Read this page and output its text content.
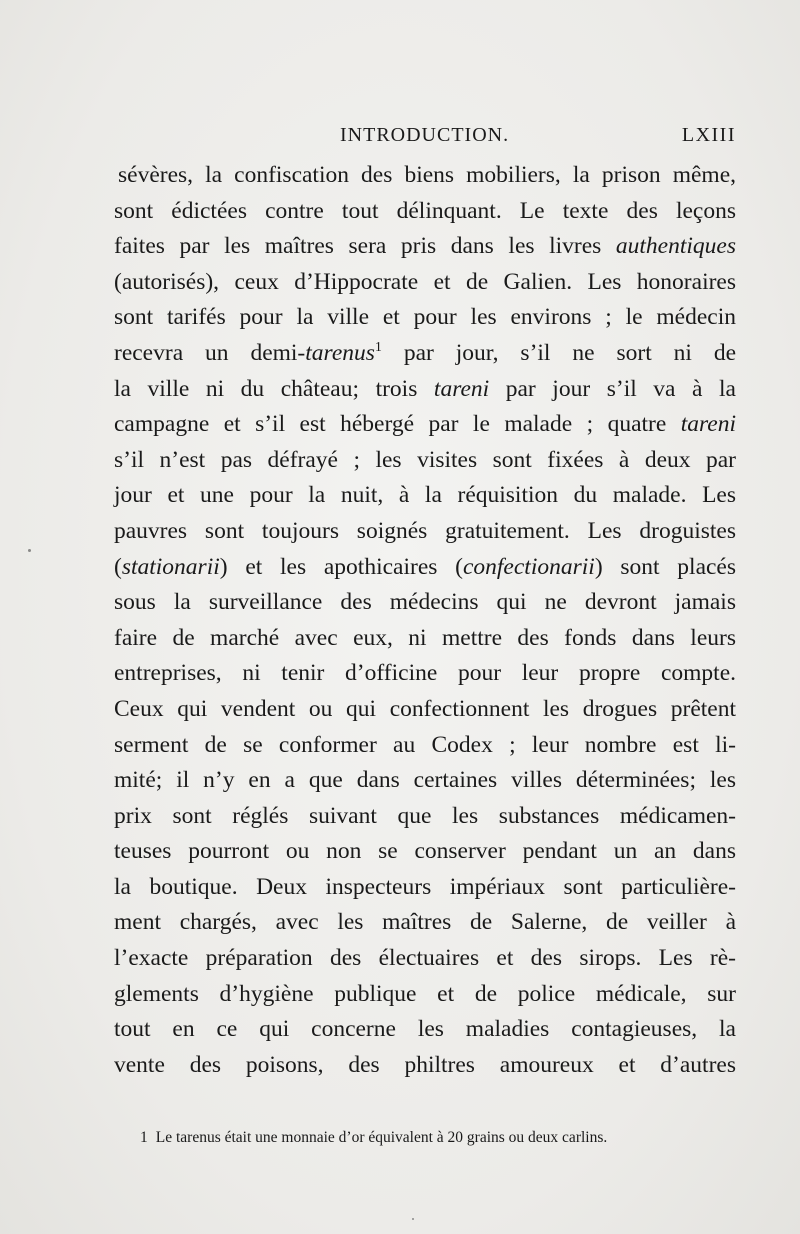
INTRODUCTION.	LXIII
sévères, la confiscation des biens mobiliers, la prison même,
sont édictées contre tout délinquant. Le texte des leçons
faites par les maîtres sera pris dans les livres authentiques
(autorisés), ceux d’Hippocrate et de Galien. Les honoraires
sont tarifés pour la ville et pour les environs ; le médecin
recevra un demi-tarenus$^1$ par jour, s’il ne sort ni de
la ville ni du château; trois tareni par jour s’il va à la
campagne et s’il est hébergé par le malade ; quatre tareni
s’il n’est pas défrayé ; les visites sont fixées à deux par
jour et une pour la nuit, à la réquisition du malade. Les
pauvres sont toujours soignés gratuitement. Les droguistes
(stationarii) et les apothicaires (confectionarii) sont placés
sous la surveillance des médecins qui ne devront jamais
faire de marché avec eux, ni mettre des fonds dans leurs
entreprises, ni tenir d’officine pour leur propre compte.
Ceux qui vendent ou qui confectionnent les drogues prêtent
serment de se conformer au Codex ; leur nombre est li-
mité; il n’y en a que dans certaines villes déterminées; les
prix sont réglés suivant que les substances médicamen-
teuses pourront ou non se conserver pendant un an dans
la boutique. Deux inspecteurs impériaux sont particulière-
ment chargés, avec les maîtres de Salerne, de veiller à
l’exacte préparation des électuaires et des sirops. Les rè-
glements d’hygiène publique et de police médicale, sur
tout en ce qui concerne les maladies contagieuses, la
vente des poisons, des philtres amoureux et d’autres
1 Le tarenus était une monnaie d’or équivalent à 20 grains ou deux carlins.
